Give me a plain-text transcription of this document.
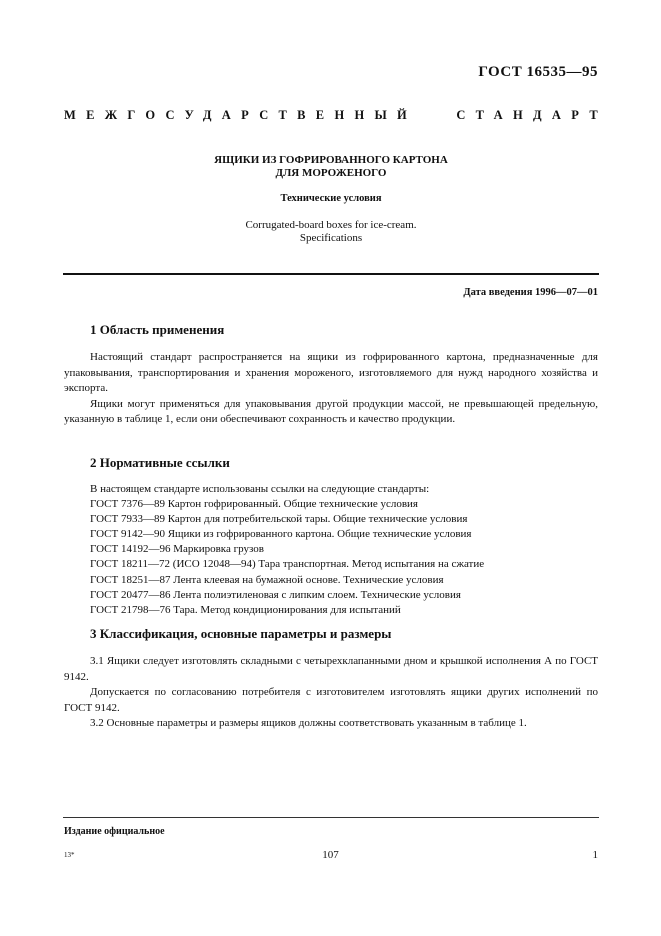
ГОСТ 16535—95
МЕЖГОСУДАРСТВЕННЫЙ	СТАНДАРТ
ЯЩИКИ ИЗ ГОФРИРОВАННОГО КАРТОНА
ДЛЯ МОРОЖЕНОГО
Технические условия
Corrugated-board boxes for ice-cream.
Specifications
Дата введения 1996—07—01
1 Область применения

Настоящий стандарт распространяется на ящики из гофрированного картона, предназначенные для упаковывания, транспортирования и хранения мороженого, изготовляемого для нужд народного хозяйства и экспорта.

Ящики могут применяться для упаковывания другой продукции массой, не превышающей предельную, указанную в таблице 1, если они обеспечивают сохранность и качество продукции.

2 Нормативные ссылки
В настоящем стандарте использованы ссылки на следующие стандарты:
ГОСТ 7376—89 Картон гофрированный. Общие технические условия
ГОСТ 7933—89 Картон для потребительской тары. Общие технические условия
ГОСТ 9142—90 Ящики из гофрированного картона. Общие технические условия
ГОСТ 14192—96 Маркировка грузов
ГОСТ 18211—72 (ИСО 12048—94) Тара транспортная. Метод испытания на сжатие
ГОСТ 18251—87 Лента клеевая на бумажной основе. Технические условия
ГОСТ 20477—86 Лента полиэтиленовая с липким слоем. Технические условия
ГОСТ 21798—76 Тара. Метод кондиционирования для испытаний
3 Классификация, основные параметры и размеры

3.1 Ящики следует изготовлять складными с четырехклапанными дном и крышкой исполнения А по ГОСТ 9142.

Допускается по согласованию потребителя с изготовителем изготовлять ящики других исполнений по ГОСТ 9142.

3.2 Основные параметры и размеры ящиков должны соответствовать указанным в таблице 1.

Издание официальное
13*	107	1
